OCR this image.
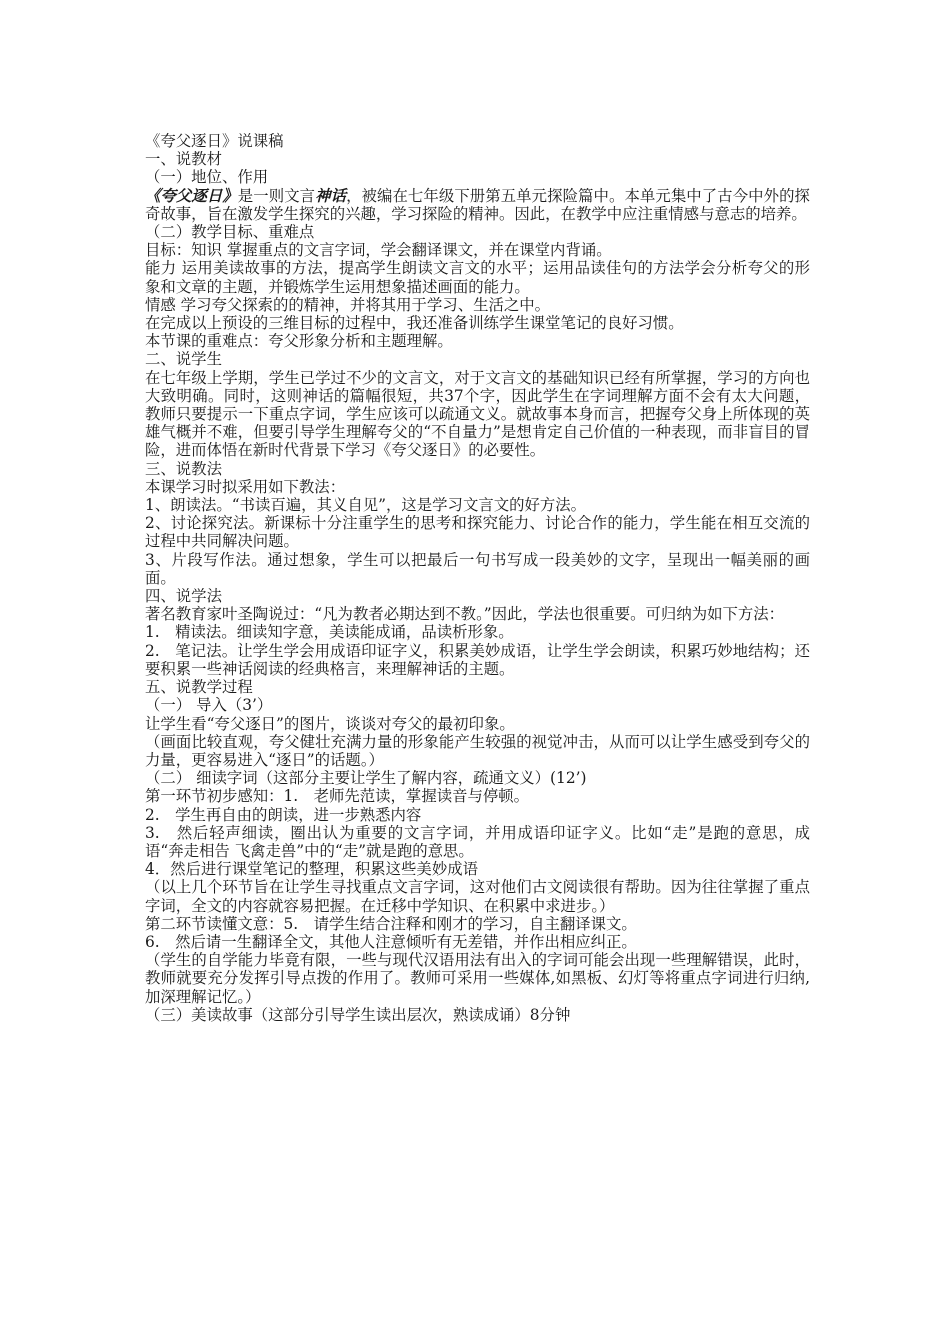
《夸父逐日》说课稿
一、说教材
（一）地位、作用
《夸父逐日》是一则文言神话，被编在七年级下册第五单元探险篇中。本单元集中了古今中外的探奇故事，旨在激发学生探究的兴趣，学习探险的精神。因此，在教学中应注重情感与意志的培养。
（二）教学目标、重难点
目标：知识 掌握重点的文言字词，学会翻译课文，并在课堂内背诵。
能力 运用美读故事的方法，提高学生朗读文言文的水平；运用品读佳句的方法学会分析夸父的形象和文章的主题，并锻炼学生运用想象描述画面的能力。
情感 学习夸父探索的的精神，并将其用于学习、生活之中。
在完成以上预设的三维目标的过程中，我还准备训练学生课堂笔记的良好习惯。
本节课的重难点：夸父形象分析和主题理解。
二、说学生
在七年级上学期，学生已学过不少的文言文，对于文言文的基础知识已经有所掌握，学习的方向也大致明确。同时，这则神话的篇幅很短，共37个字，因此学生在字词理解方面不会有太大问题，教师只要提示一下重点字词，学生应该可以疏通文义。就故事本身而言，把握夸父身上所体现的英雄气概并不难，但要引导学生理解夸父的“不自量力”是想肯定自己价值的一种表现，而非盲目的冒险，进而体悟在新时代背景下学习《夸父逐日》的必要性。
三、说教法
本课学习时拟采用如下教法：
1、朗读法。“书读百遍，其义自见”，这是学习文言文的好方法。
2、讨论探究法。新课标十分注重学生的思考和探究能力、讨论合作的能力，学生能在相互交流的过程中共同解决问题。
3、片段写作法。通过想象，学生可以把最后一句书写成一段美妙的文字，呈现出一幅美丽的画面。
四、说学法
著名教育家叶圣陶说过：“凡为教者必期达到不教。”因此，学法也很重要。可归纳为如下方法：
1.　精读法。细读知字意，美读能成诵，品读析形象。
2.　笔记法。让学生学会用成语印证字义，积累美妙成语，让学生学会朗读，积累巧妙地结构；还要积累一些神话阅读的经典格言，来理解神话的主题。
五、说教学过程
（一） 导入（3’）
让学生看“夸父逐日”的图片，谈谈对夸父的最初印象。
（画面比较直观，夸父健壮充满力量的形象能产生较强的视觉冲击，从而可以让学生感受到夸父的力量，更容易进入“逐日”的话题。）
（二） 细读字词（这部分主要让学生了解内容，疏通文义）(12’)
第一环节初步感知：1.　老师先范读，掌握读音与停顿。
2.　学生再自由的朗读，进一步熟悉内容
3.　然后轻声细读，圈出认为重要的文言字词，并用成语印证字义。比如“走”是跑的意思，成语“奔走相告 飞禽走兽”中的“走”就是跑的意思。
4．然后进行课堂笔记的整理，积累这些美妙成语
（以上几个环节旨在让学生寻找重点文言字词，这对他们古文阅读很有帮助。因为往往掌握了重点字词，全文的内容就容易把握。在迁移中学知识、在积累中求进步。）
第二环节读懂文意：5.　请学生结合注释和刚才的学习，自主翻译课文。
6.　然后请一生翻译全文，其他人注意倾听有无差错，并作出相应纠正。
（学生的自学能力毕竟有限，一些与现代汉语用法有出入的字词可能会出现一些理解错误，此时，教师就要充分发挥引导点拨的作用了。教师可采用一些媒体,如黑板、幻灯等将重点字词进行归纳,加深理解记忆。）
（三）美读故事（这部分引导学生读出层次，熟读成诵）8分钟
